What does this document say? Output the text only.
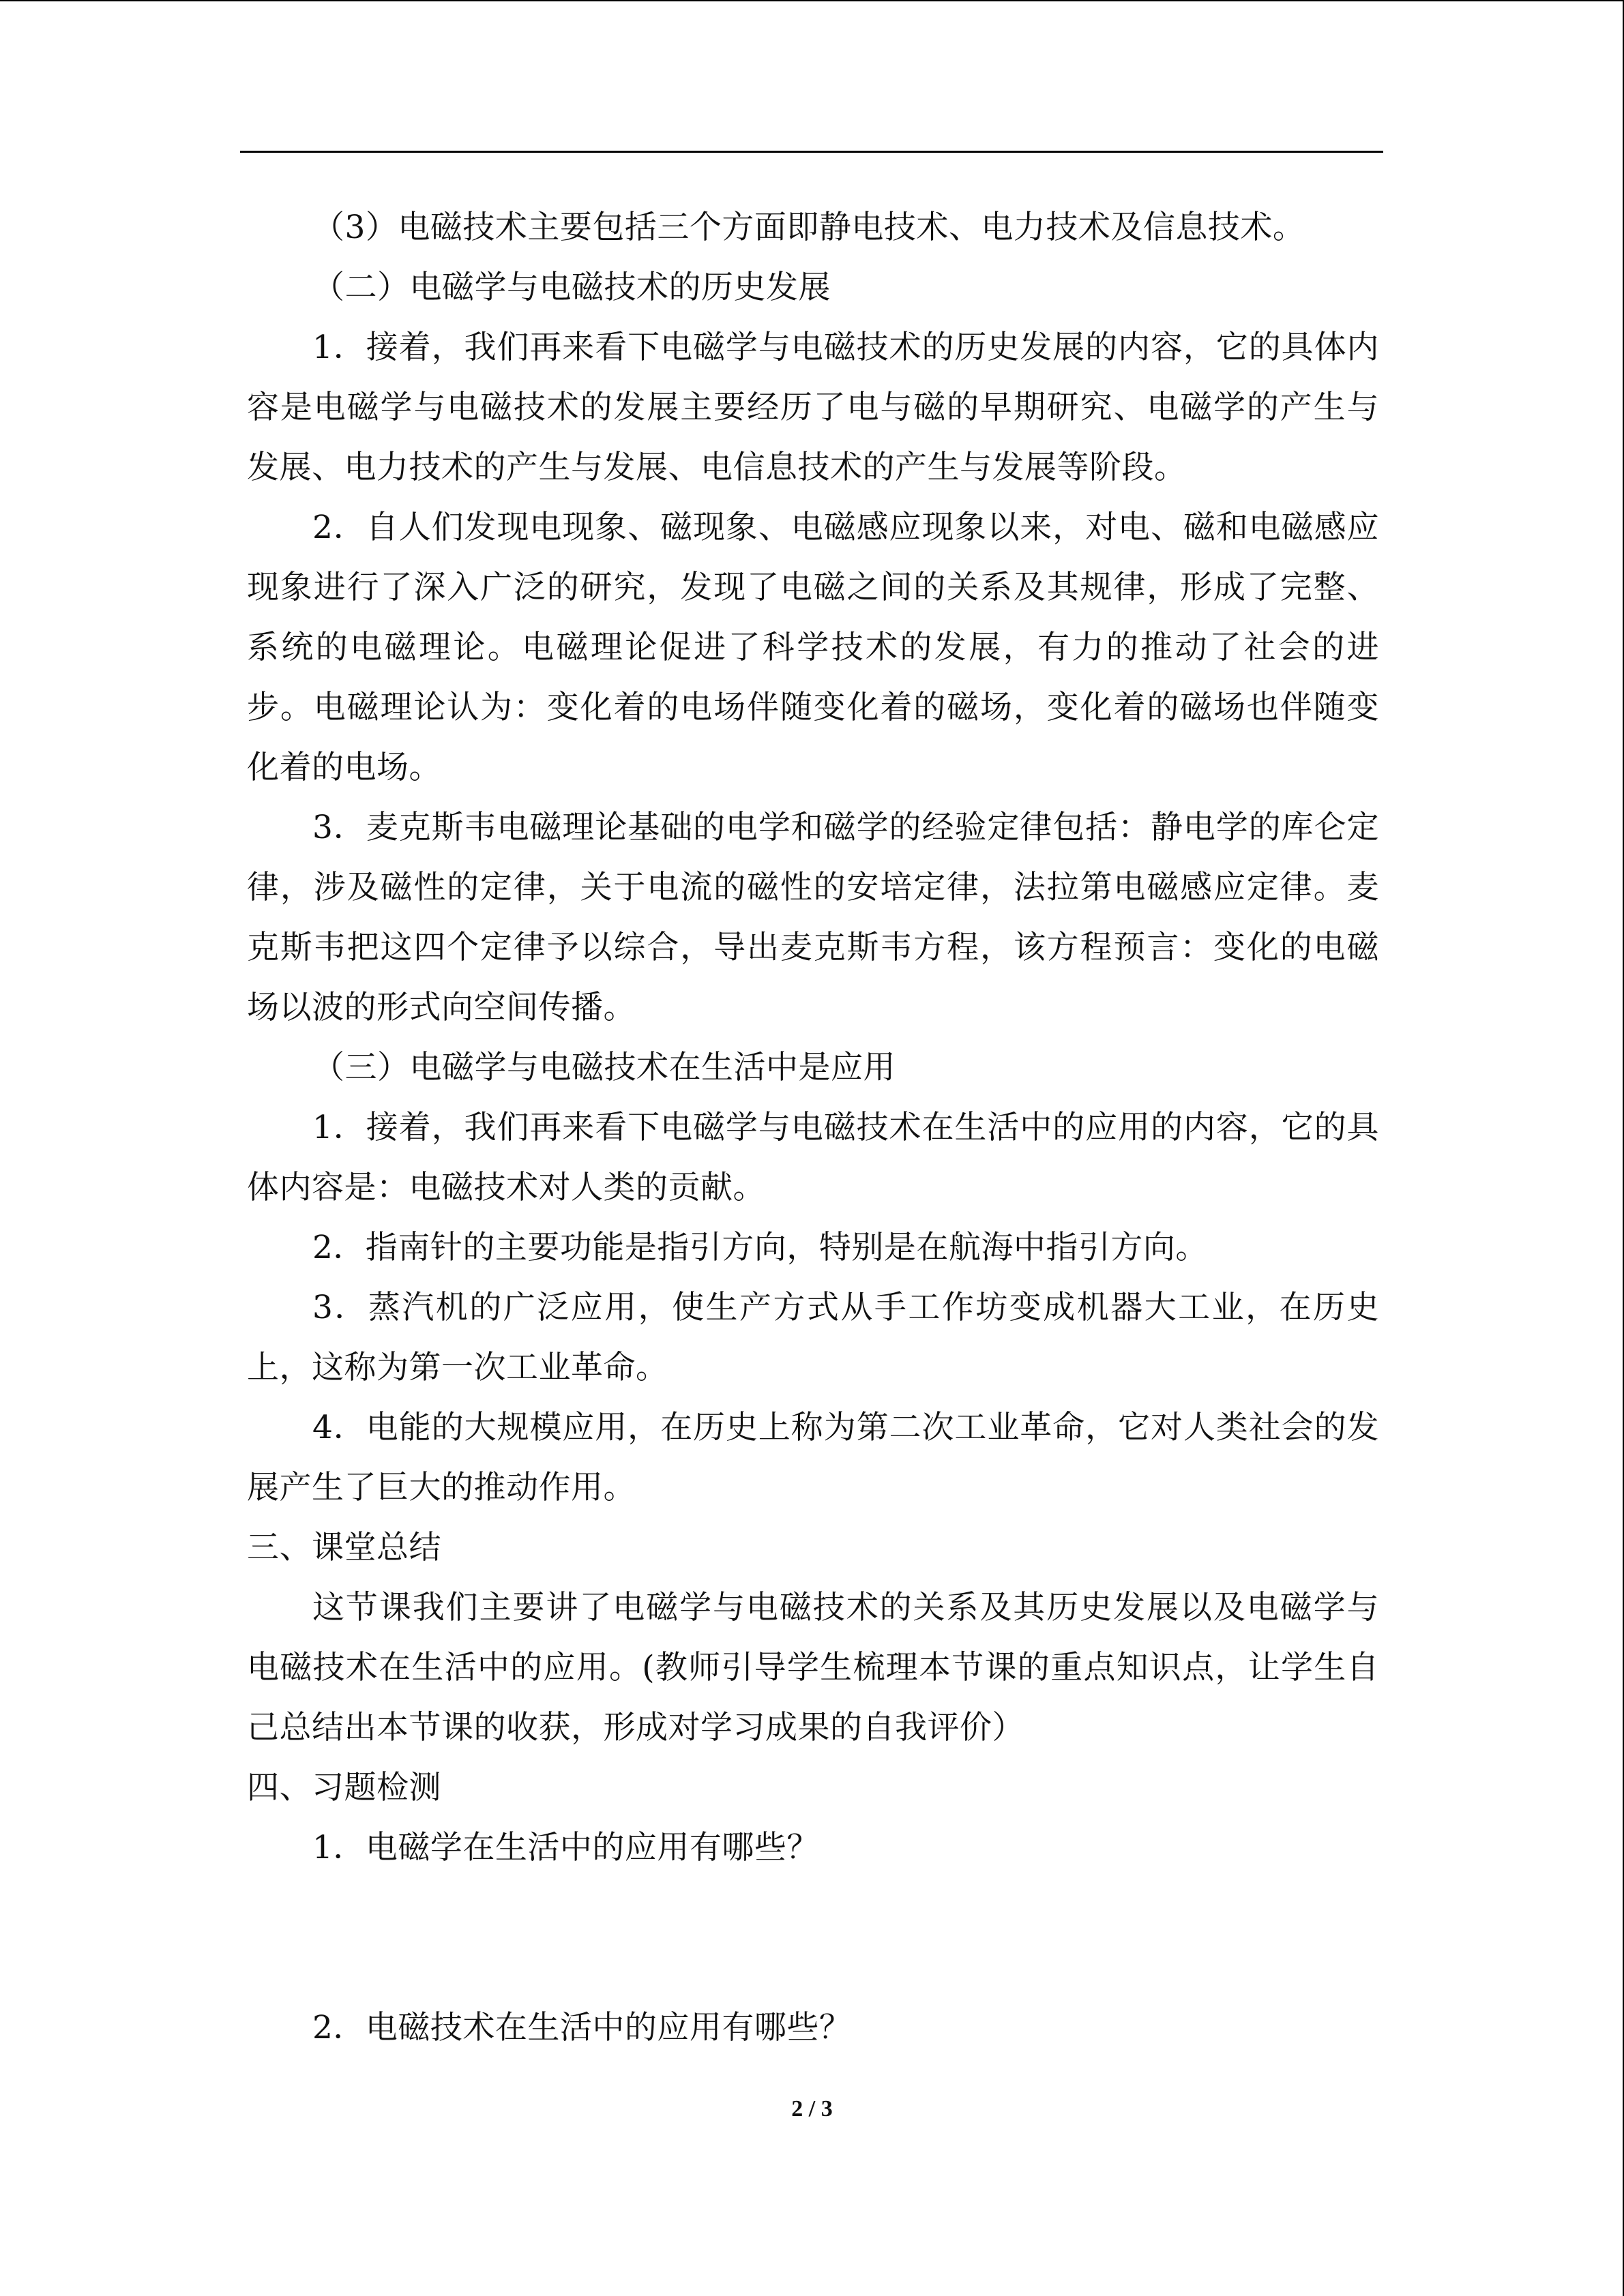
（3）电磁技术主要包括三个方面即静电技术、电力技术及信息技术。

（二）电磁学与电磁技术的历史发展

1．接着，我们再来看下电磁学与电磁技术的历史发展的内容，它的具体内容是电磁学与电磁技术的发展主要经历了电与磁的早期研究、电磁学的产生与发展、电力技术的产生与发展、电信息技术的产生与发展等阶段。

2．自人们发现电现象、磁现象、电磁感应现象以来，对电、磁和电磁感应现象进行了深入广泛的研究，发现了电磁之间的关系及其规律，形成了完整、系统的电磁理论。电磁理论促进了科学技术的发展，有力的推动了社会的进步。电磁理论认为：变化着的电场伴随变化着的磁场，变化着的磁场也伴随变化着的电场。

3．麦克斯韦电磁理论基础的电学和磁学的经验定律包括：静电学的库仑定律，涉及磁性的定律，关于电流的磁性的安培定律，法拉第电磁感应定律。麦克斯韦把这四个定律予以综合，导出麦克斯韦方程，该方程预言：变化的电磁场以波的形式向空间传播。

（三）电磁学与电磁技术在生活中是应用

1．接着，我们再来看下电磁学与电磁技术在生活中的应用的内容，它的具体内容是：电磁技术对人类的贡献。

2．指南针的主要功能是指引方向，特别是在航海中指引方向。

3．蒸汽机的广泛应用，使生产方式从手工作坊变成机器大工业，在历史上，这称为第一次工业革命。

4．电能的大规模应用，在历史上称为第二次工业革命，它对人类社会的发展产生了巨大的推动作用。

三、课堂总结

这节课我们主要讲了电磁学与电磁技术的关系及其历史发展以及电磁学与电磁技术在生活中的应用。(教师引导学生梳理本节课的重点知识点，让学生自己总结出本节课的收获，形成对学习成果的自我评价）

四、习题检测

1．电磁学在生活中的应用有哪些？

2．电磁技术在生活中的应用有哪些？

2 / 3
